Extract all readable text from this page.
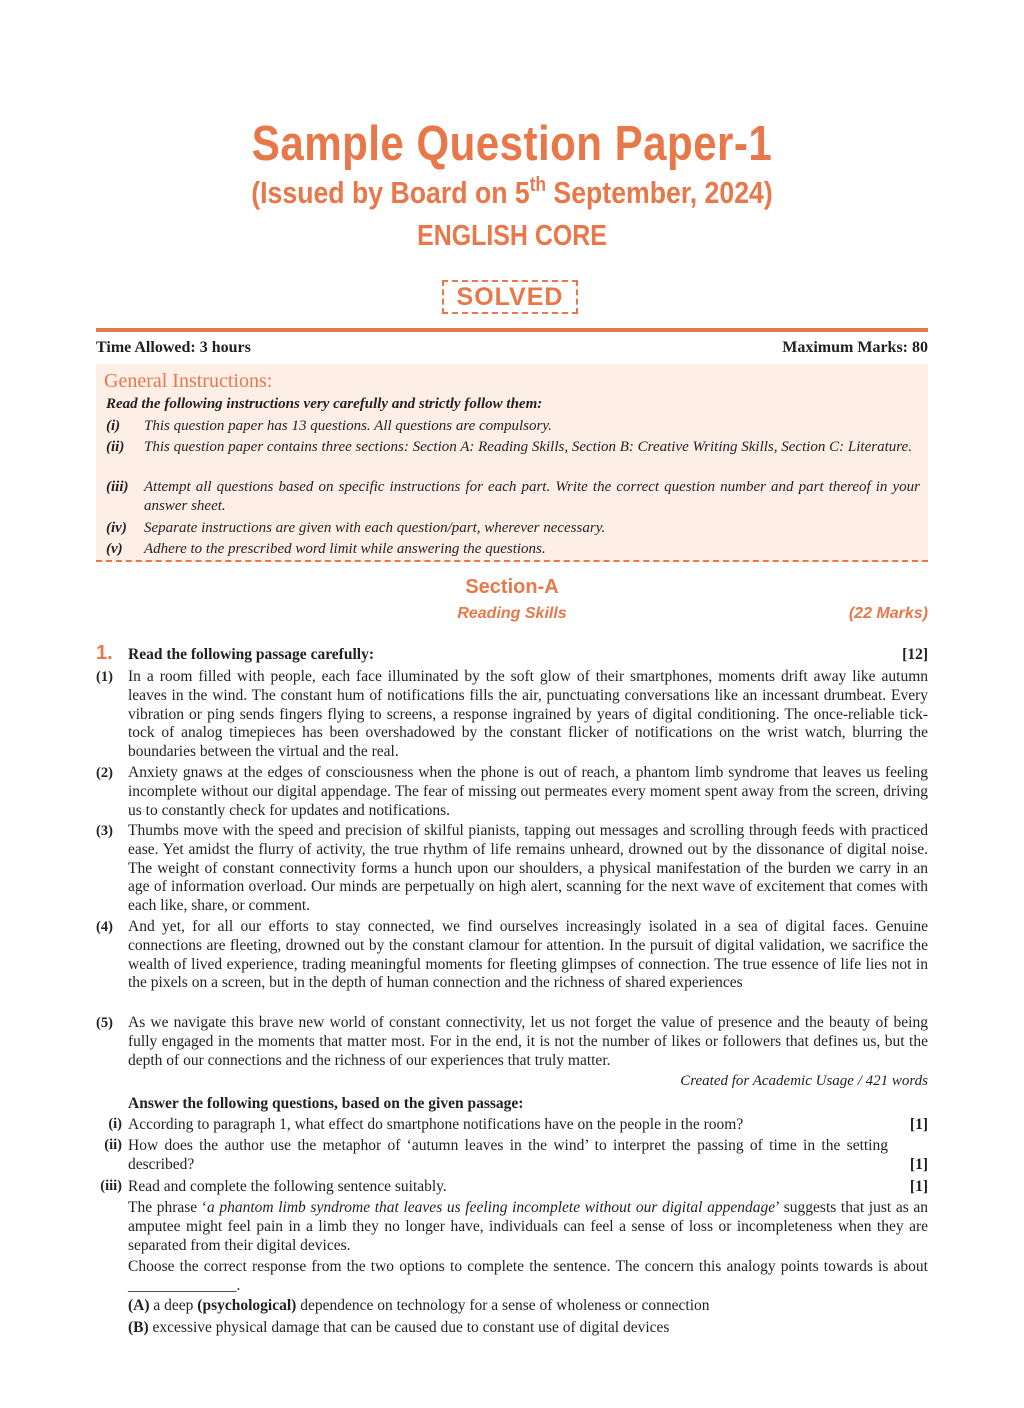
Sample Question Paper-1
(Issued by Board on 5th September, 2024)
ENGLISH CORE
SOLVED
Time Allowed: 3 hours	Maximum Marks: 80
General Instructions:
Read the following instructions very carefully and strictly follow them:
(i) This question paper has 13 questions. All questions are compulsory.
(ii) This question paper contains three sections: Section A: Reading Skills, Section B: Creative Writing Skills, Section C: Literature.
(iii) Attempt all questions based on specific instructions for each part. Write the correct question number and part thereof in your answer sheet.
(iv) Separate instructions are given with each question/part, wherever necessary.
(v) Adhere to the prescribed word limit while answering the questions.
Section-A
Reading Skills	(22 Marks)
1. Read the following passage carefully:	[12]
(1) In a room filled with people, each face illuminated by the soft glow of their smartphones, moments drift away like autumn leaves in the wind. The constant hum of notifications fills the air, punctuating conversations like an incessant drumbeat. Every vibration or ping sends fingers flying to screens, a response ingrained by years of digital conditioning. The once-reliable tick-tock of analog timepieces has been overshadowed by the constant flicker of notifications on the wrist watch, blurring the boundaries between the virtual and the real.
(2) Anxiety gnaws at the edges of consciousness when the phone is out of reach, a phantom limb syndrome that leaves us feeling incomplete without our digital appendage. The fear of missing out permeates every moment spent away from the screen, driving us to constantly check for updates and notifications.
(3) Thumbs move with the speed and precision of skilful pianists, tapping out messages and scrolling through feeds with practiced ease. Yet amidst the flurry of activity, the true rhythm of life remains unheard, drowned out by the dissonance of digital noise. The weight of constant connectivity forms a hunch upon our shoulders, a physical manifestation of the burden we carry in an age of information overload. Our minds are perpetually on high alert, scanning for the next wave of excitement that comes with each like, share, or comment.
(4) And yet, for all our efforts to stay connected, we find ourselves increasingly isolated in a sea of digital faces. Genuine connections are fleeting, drowned out by the constant clamour for attention. In the pursuit of digital validation, we sacrifice the wealth of lived experience, trading meaningful moments for fleeting glimpses of connection. The true essence of life lies not in the pixels on a screen, but in the depth of human connection and the richness of shared experiences
(5) As we navigate this brave new world of constant connectivity, let us not forget the value of presence and the beauty of being fully engaged in the moments that matter most. For in the end, it is not the number of likes or followers that defines us, but the depth of our connections and the richness of our experiences that truly matter.
Created for Academic Usage / 421 words
Answer the following questions, based on the given passage:
(i) According to paragraph 1, what effect do smartphone notifications have on the people in the room?	[1]
(ii) How does the author use the metaphor of ‘autumn leaves in the wind’ to interpret the passing of time in the setting described?	[1]
(iii) Read and complete the following sentence suitably.	[1]
The phrase ‘a phantom limb syndrome that leaves us feeling incomplete without our digital appendage’ suggests that just as an amputee might feel pain in a limb they no longer have, individuals can feel a sense of loss or incompleteness when they are separated from their digital devices.
Choose the correct response from the two options to complete the sentence. The concern this analogy points towards is about ______________.
(A) a deep (psychological) dependence on technology for a sense of wholeness or connection
(B) excessive physical damage that can be caused due to constant use of digital devices
